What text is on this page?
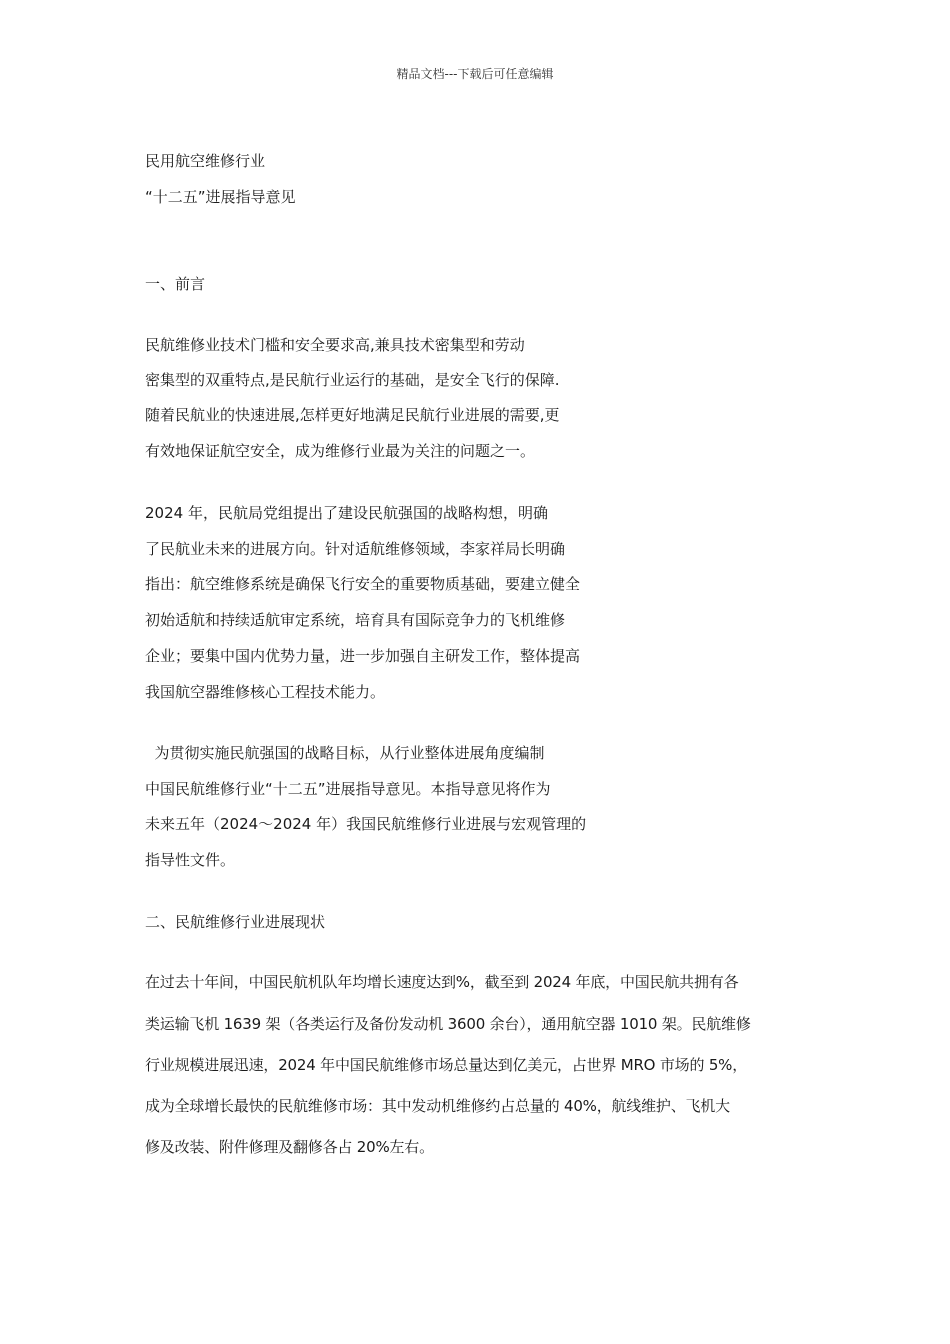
精品文档---下载后可任意编辑
民用航空维修行业
“十二五”进展指导意见
一、前言
民航维修业技术门槛和安全要求高,兼具技术密集型和劳动
密集型的双重特点,是民航行业运行的基础，是安全飞行的保障.
随着民航业的快速进展,怎样更好地满足民航行业进展的需要,更
有效地保证航空安全，成为维修行业最为关注的问题之一。
2024 年，民航局党组提出了建设民航强国的战略构想，明确
了民航业未来的进展方向。针对适航维修领域，李家祥局长明确
指出：航空维修系统是确保飞行安全的重要物质基础，要建立健全
初始适航和持续适航审定系统，培育具有国际竞争力的飞机维修
企业；要集中国内优势力量，进一步加强自主研发工作，整体提高
我国航空器维修核心工程技术能力。
为贯彻实施民航强国的战略目标，从行业整体进展角度编制
中国民航维修行业“十二五”进展指导意见。本指导意见将作为
未来五年（2024～2024 年）我国民航维修行业进展与宏观管理的
指导性文件。
二、民航维修行业进展现状
在过去十年间，中国民航机队年均增长速度达到%，截至到 2024 年底，中国民航共拥有各
类运输飞机 1639 架（各类运行及备份发动机 3600 余台），通用航空器 1010 架。民航维修
行业规模进展迅速，2024 年中国民航维修市场总量达到亿美元，占世界 MRO 市场的 5%，
成为全球增长最快的民航维修市场：其中发动机维修约占总量的 40%，航线维护、飞机大
修及改装、附件修理及翻修各占 20%左右。
